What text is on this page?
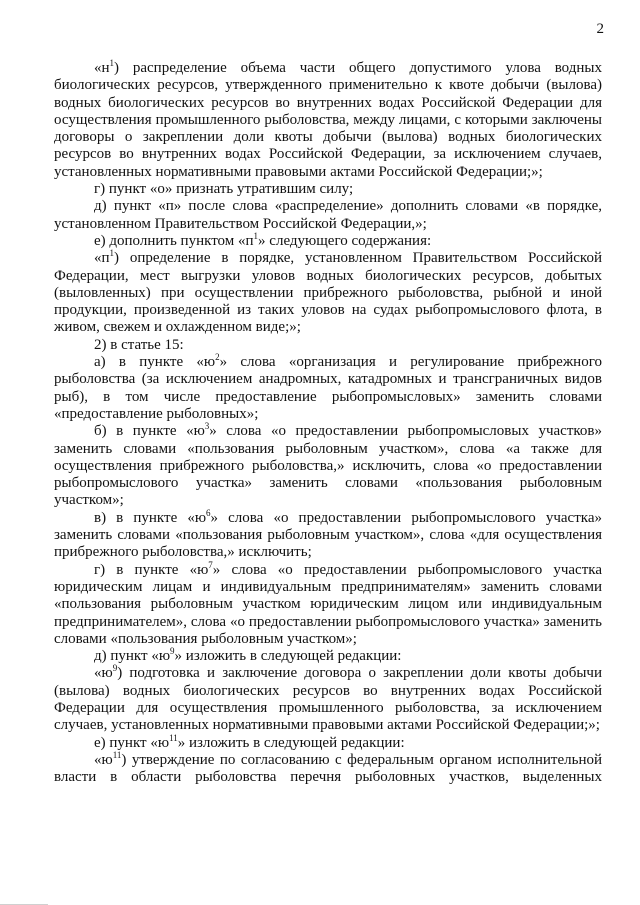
2

«$н^1$) распределение объема части общего допустимого улова водных биологических ресурсов, утвержденного применительно к квоте добычи (вылова) водных биологических ресурсов во внутренних водах Российской Федерации для осуществления промышленного рыболовства, между лицами, с которыми заключены договоры о закреплении доли квоты добычи (вылова) водных биологических ресурсов во внутренних водах Российской Федерации, за исключением случаев, установленных нормативными правовыми актами Российской Федерации;»;

г) пункт «о» признать утратившим силу;

д) пункт «п» после слова «распределение» дополнить словами «в порядке, установленном Правительством Российской Федерации,»;

е) дополнить пунктом «$п^1$» следующего содержания:

«$п^1$) определение в порядке, установленном Правительством Российской Федерации, мест выгрузки уловов водных биологических ресурсов, добытых (выловленных) при осуществлении прибрежного рыболовства, рыбной и иной продукции, произведенной из таких уловов на судах рыбопромыслового флота, в живом, свежем и охлажденном виде;»;

2) в статье 15:

а) в пункте «$ю^2$» слова «организация и регулирование прибрежного рыболовства (за исключением анадромных, катадромных и трансграничных видов рыб), в том числе предоставление рыбопромысловых» заменить словами «предоставление рыболовных»;

б) в пункте «$ю^3$» слова «о предоставлении рыбопромысловых участков» заменить словами «пользования рыболовным участком», слова «а также для осуществления прибрежного рыболовства,» исключить, слова «о предоставлении рыбопромыслового участка» заменить словами «пользования рыболовным участком»;

в) в пункте «$ю^6$» слова «о предоставлении рыбопромыслового участка» заменить словами «пользования рыболовным участком», слова «для осуществления прибрежного рыболовства,» исключить;

г) в пункте «$ю^7$» слова «о предоставлении рыбопромыслового участка юридическим лицам и индивидуальным предпринимателям» заменить словами «пользования рыболовным участком юридическим лицом или индивидуальным предпринимателем», слова «о предоставлении рыбопромыслового участка» заменить словами «пользования рыболовным участком»;

д) пункт «$ю^9$» изложить в следующей редакции:

«$ю^9$) подготовка и заключение договора о закреплении доли квоты добычи (вылова) водных биологических ресурсов во внутренних водах Российской Федерации для осуществления промышленного рыболовства, за исключением случаев, установленных нормативными правовыми актами Российской Федерации;»;

е) пункт «$ю^{11}$» изложить в следующей редакции:

«$ю^{11}$) утверждение по согласованию с федеральным органом исполнительной власти в области рыболовства перечня рыболовных участков, выделенных
